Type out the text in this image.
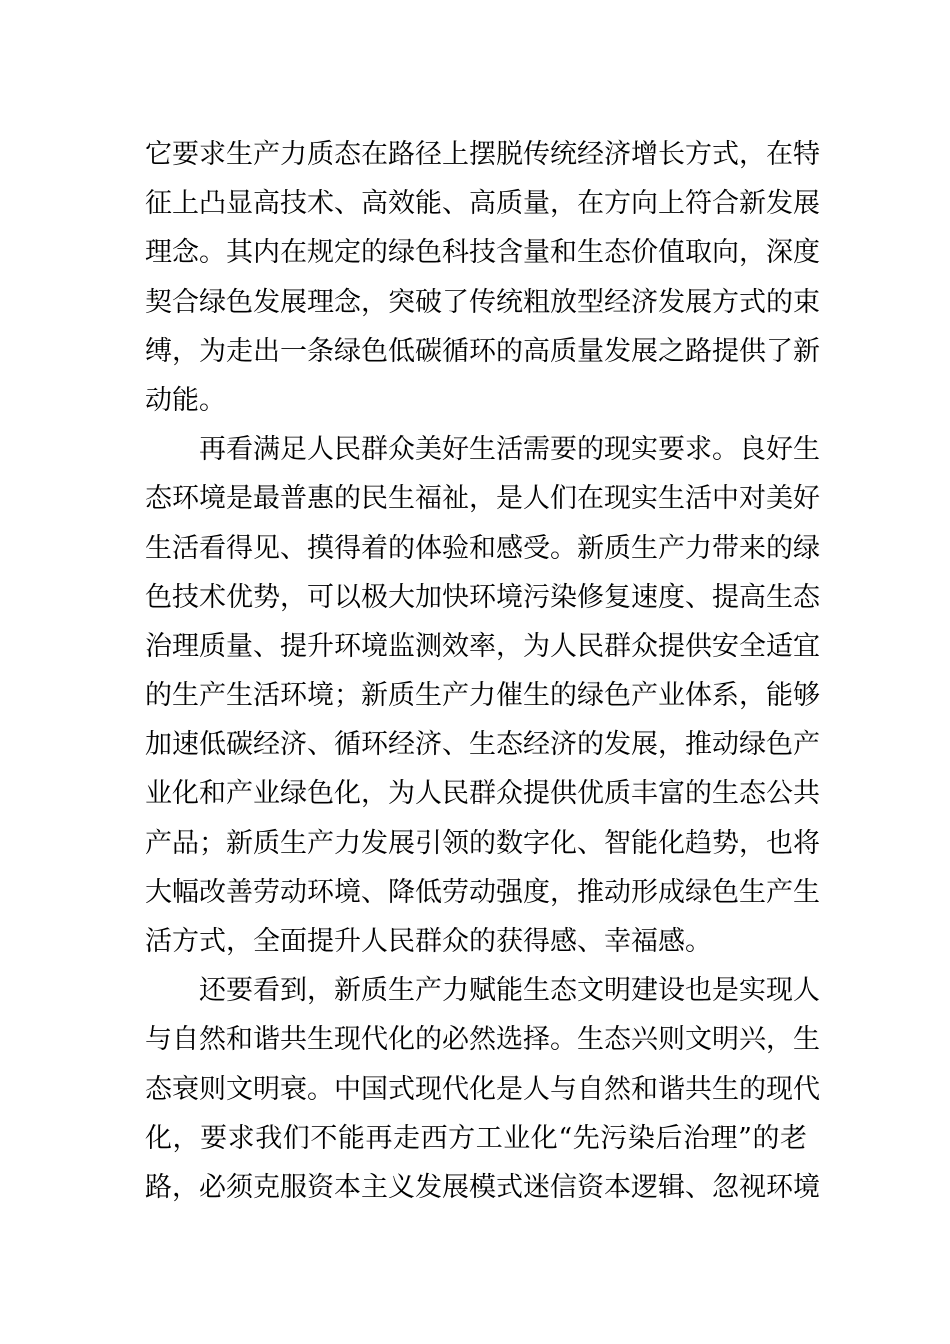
它要求生产力质态在路径上摆脱传统经济增长方式，在特
征上凸显高技术、高效能、高质量，在方向上符合新发展
理念。其内在规定的绿色科技含量和生态价值取向，深度
契合绿色发展理念，突破了传统粗放型经济发展方式的束
缚，为走出一条绿色低碳循环的高质量发展之路提供了新
动能。
再看满足人民群众美好生活需要的现实要求。良好生
态环境是最普惠的民生福祉，是人们在现实生活中对美好
生活看得见、摸得着的体验和感受。新质生产力带来的绿
色技术优势，可以极大加快环境污染修复速度、提高生态
治理质量、提升环境监测效率，为人民群众提供安全适宜
的生产生活环境；新质生产力催生的绿色产业体系，能够
加速低碳经济、循环经济、生态经济的发展，推动绿色产
业化和产业绿色化，为人民群众提供优质丰富的生态公共
产品；新质生产力发展引领的数字化、智能化趋势，也将
大幅改善劳动环境、降低劳动强度，推动形成绿色生产生
活方式，全面提升人民群众的获得感、幸福感。
还要看到，新质生产力赋能生态文明建设也是实现人
与自然和谐共生现代化的必然选择。生态兴则文明兴，生
态衰则文明衰。中国式现代化是人与自然和谐共生的现代
化，要求我们不能再走西方工业化“先污染后治理”的老
路，必须克服资本主义发展模式迷信资本逻辑、忽视环境
